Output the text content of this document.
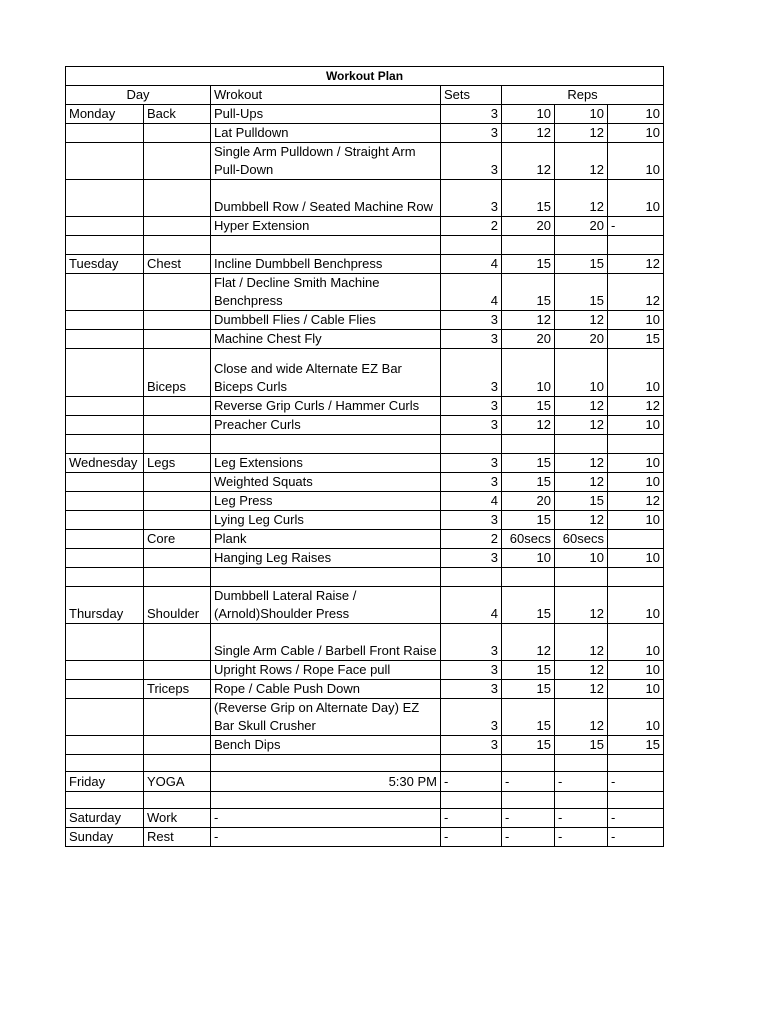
Workout Plan						
Day		Wrokout	Sets	Reps		
Monday	Back	Pull-Ups	3	10	10	10
		Lat Pulldown	3	12	12	10
		Single Arm Pulldown / Straight Arm Pull-Down	3	12	12	10
		Dumbbell Row / Seated Machine Row	3	15	12	10
		Hyper Extension	2	20	20	-

Tuesday	Chest	Incline Dumbbell Benchpress	4	15	15	12
		Flat / Decline Smith Machine Benchpress	4	15	15	12
		Dumbbell Flies / Cable Flies	3	12	12	10
		Machine Chest Fly	3	20	20	15
	Biceps	Close and wide Alternate EZ Bar Biceps Curls	3	10	10	10
		Reverse Grip Curls / Hammer Curls	3	15	12	12
		Preacher Curls	3	12	12	10

Wednesday	Legs	Leg Extensions	3	15	12	10
		Weighted Squats	3	15	12	10
		Leg Press	4	20	15	12
		Lying Leg Curls	3	15	12	10
	Core	Plank	2	60secs	60secs	
		Hanging Leg Raises	3	10	10	10

Thursday	Shoulder	Dumbbell Lateral Raise / (Arnold)Shoulder Press	4	15	12	10
		Single Arm Cable / Barbell Front Raise	3	12	12	10
		Upright Rows / Rope Face pull	3	15	12	10
	Triceps	Rope / Cable Push Down	3	15	12	10
		(Reverse Grip on Alternate Day) EZ Bar Skull Crusher	3	15	12	10
		Bench Dips	3	15	15	15

Friday	YOGA	5:30 PM	-	-	-	-

Saturday	Work	-	-	-	-	-
Sunday	Rest	-	-	-	-	-
